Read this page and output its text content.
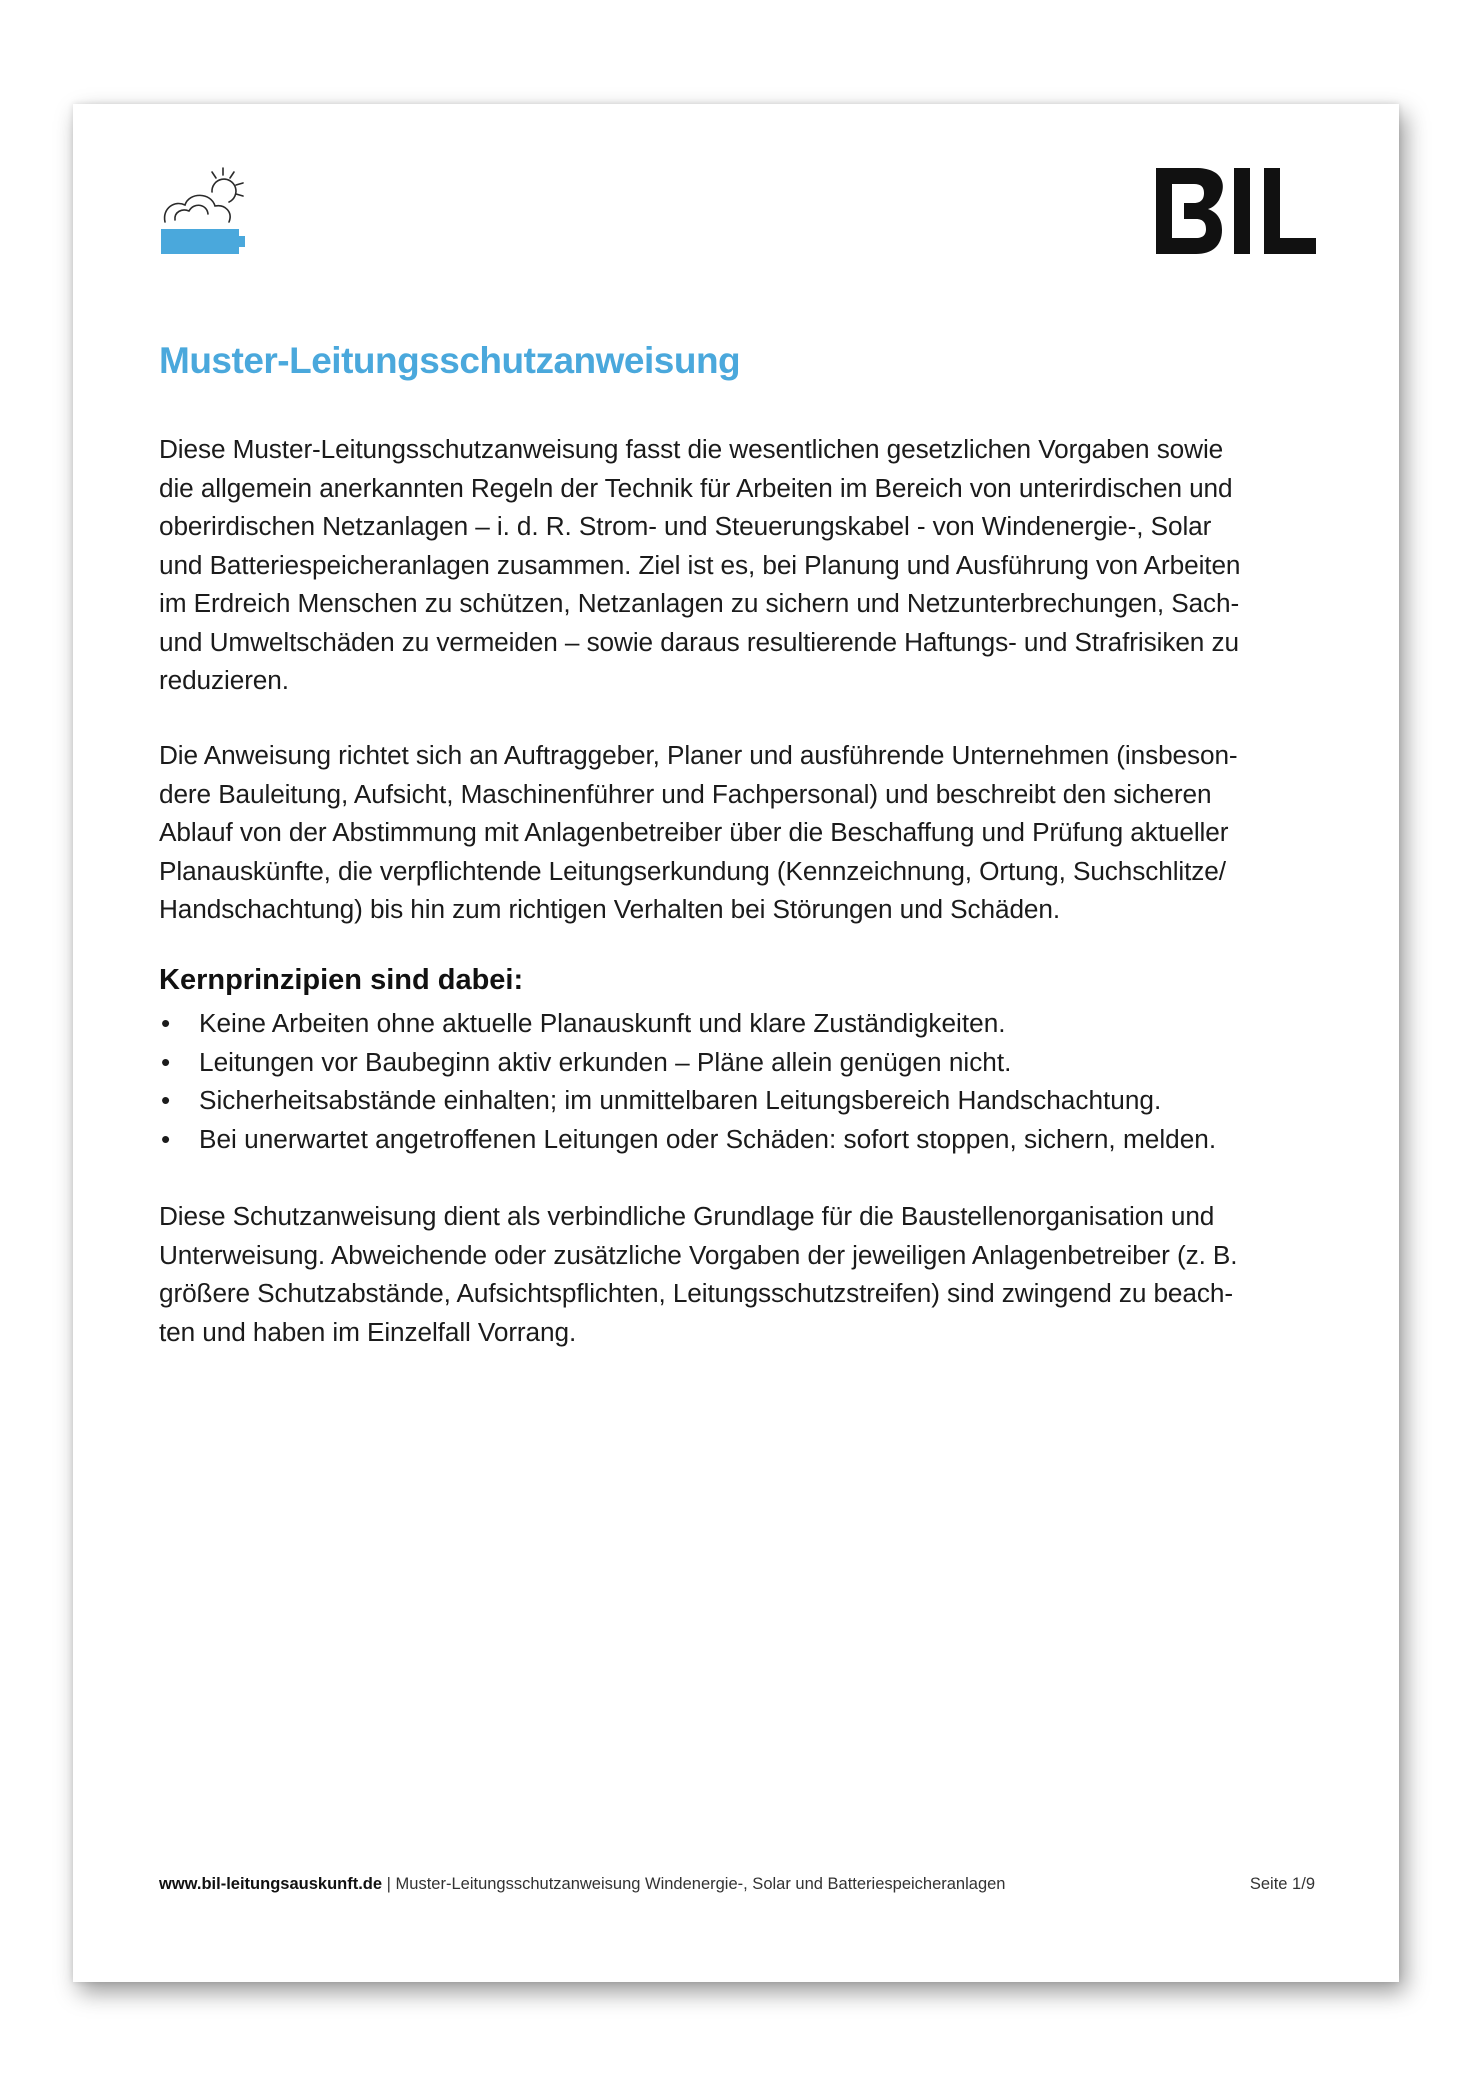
Muster-Leitungsschutzanweisung

Diese Muster-Leitungsschutzanweisung fasst die wesentlichen gesetzlichen Vorgaben sowie
die allgemein anerkannten Regeln der Technik für Arbeiten im Bereich von unterirdischen und
oberirdischen Netzanlagen – i. d. R. Strom- und Steuerungskabel - von Windenergie-, Solar
und Batteriespeicheranlagen zusammen. Ziel ist es, bei Planung und Ausführung von Arbeiten
im Erdreich Menschen zu schützen, Netzanlagen zu sichern und Netzunterbrechungen, Sach-
und Umweltschäden zu vermeiden – sowie daraus resultierende Haftungs- und Strafrisiken zu
reduzieren.

Die Anweisung richtet sich an Auftraggeber, Planer und ausführende Unternehmen (insbeson-
dere Bauleitung, Aufsicht, Maschinenführer und Fachpersonal) und beschreibt den sicheren
Ablauf von der Abstimmung mit Anlagenbetreiber über die Beschaffung und Prüfung aktueller
Planauskünfte, die verpflichtende Leitungserkundung (Kennzeichnung, Ortung, Suchschlitze/
Handschachtung) bis hin zum richtigen Verhalten bei Störungen und Schäden.

Kernprinzipien sind dabei:
• Keine Arbeiten ohne aktuelle Planauskunft und klare Zuständigkeiten.
• Leitungen vor Baubeginn aktiv erkunden – Pläne allein genügen nicht.
• Sicherheitsabstände einhalten; im unmittelbaren Leitungsbereich Handschachtung.
• Bei unerwartet angetroffenen Leitungen oder Schäden: sofort stoppen, sichern, melden.

Diese Schutzanweisung dient als verbindliche Grundlage für die Baustellenorganisation und
Unterweisung. Abweichende oder zusätzliche Vorgaben der jeweiligen Anlagenbetreiber (z. B.
größere Schutzabstände, Aufsichtspflichten, Leitungsschutzstreifen) sind zwingend zu beach-
ten und haben im Einzelfall Vorrang.

www.bil-leitungsauskunft.de | Muster-Leitungsschutzanweisung Windenergie-, Solar und Batteriespeicheranlagen	Seite 1/9
